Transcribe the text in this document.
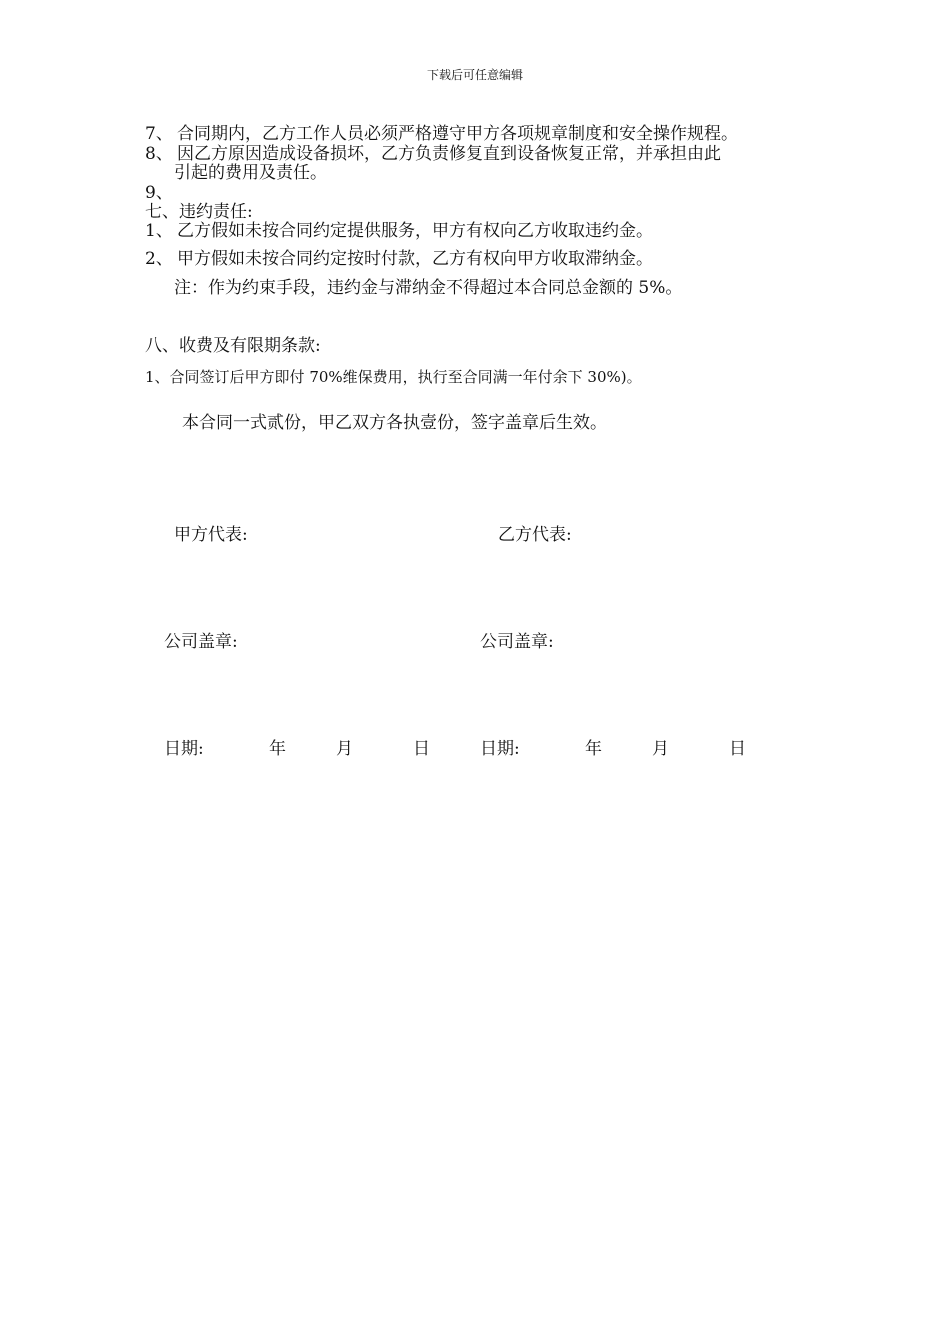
下载后可任意编辑
7、 合同期内，乙方工作人员必须严格遵守甲方各项规章制度和安全操作规程。
8、 因乙方原因造成设备损坏，乙方负责修复直到设备恢复正常，并承担由此
引起的费用及责任。
9、
七、违约责任:
1、 乙方假如未按合同约定提供服务，甲方有权向乙方收取违约金。
2、 甲方假如未按合同约定按时付款，乙方有权向甲方收取滞纳金。
注：作为约束手段，违约金与滞纳金不得超过本合同总金额的 5%。
八、收费及有限期条款:
1、合同签订后甲方即付 70%维保费用，执行至合同满一年付余下 30%)。
本合同一式贰份，甲乙双方各执壹份，签字盖章后生效。
甲方代表:	乙方代表:
公司盖章:	公司盖章:
日期:	年	月	日	日期:	年	月	日
